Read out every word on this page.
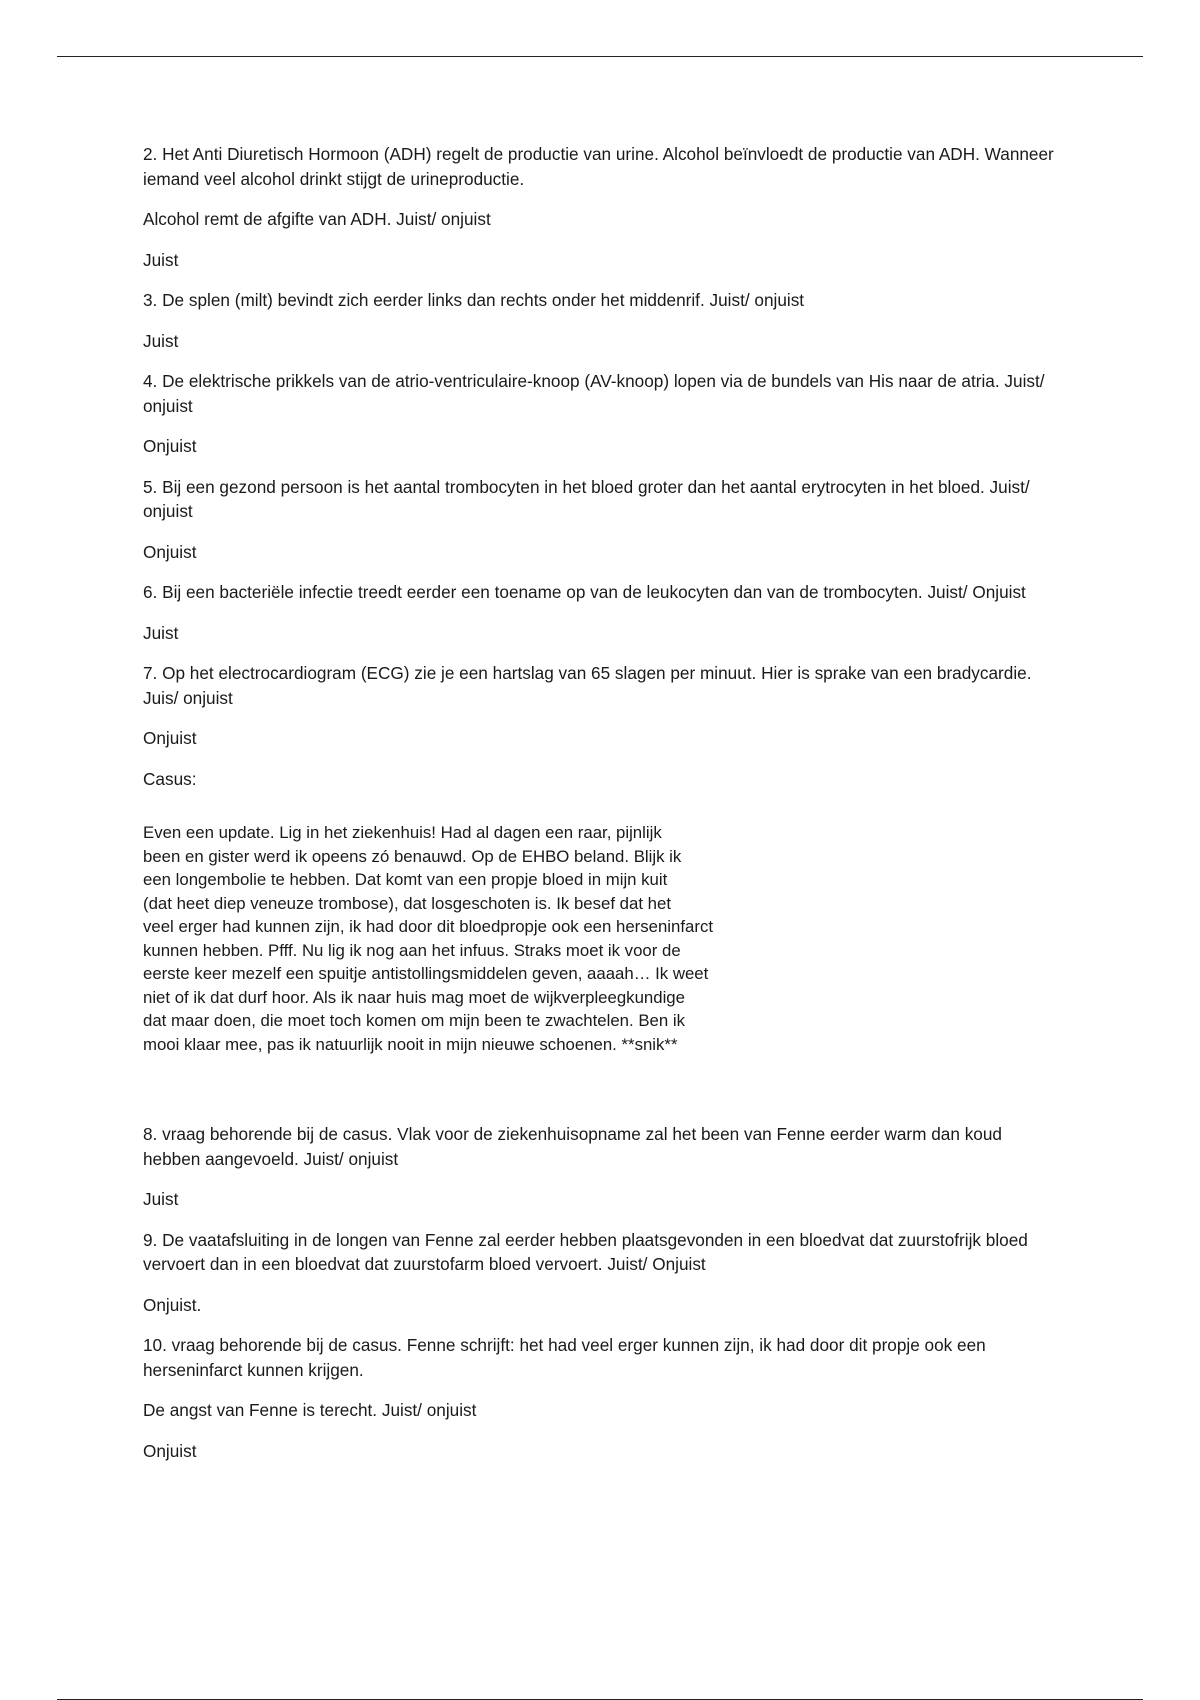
2. Het Anti Diuretisch Hormoon (ADH) regelt de productie van urine. Alcohol beïnvloedt de productie van ADH. Wanneer iemand veel alcohol drinkt stijgt de urineproductie.

Alcohol remt de afgifte van ADH. Juist/ onjuist

Juist

3. De splen (milt) bevindt zich eerder links dan rechts onder het middenrif. Juist/ onjuist

Juist

4. De elektrische prikkels van de atrio-ventriculaire-knoop (AV-knoop) lopen via de bundels van His naar de atria. Juist/ onjuist

Onjuist

5. Bij een gezond persoon is het aantal trombocyten in het bloed groter dan het aantal erytrocyten in het bloed. Juist/ onjuist

Onjuist

6. Bij een bacteriële infectie treedt eerder een toename op van de leukocyten dan van de trombocyten. Juist/ Onjuist

Juist

7. Op het electrocardiogram (ECG) zie je een hartslag van 65 slagen per minuut. Hier is sprake van een bradycardie. Juis/ onjuist

Onjuist

Casus:

Even een update. Lig in het ziekenhuis! Had al dagen een raar, pijnlijk
been en gister werd ik opeens zó benauwd. Op de EHBO beland. Blijk ik
een longembolie te hebben. Dat komt van een propje bloed in mijn kuit
(dat heet diep veneuze trombose), dat losgeschoten is. Ik besef dat het
veel erger had kunnen zijn, ik had door dit bloedpropje ook een herseninfarct
kunnen hebben. Pfff. Nu lig ik nog aan het infuus. Straks moet ik voor de
eerste keer mezelf een spuitje antistollingsmiddelen geven, aaaah… Ik weet
niet of ik dat durf hoor. Als ik naar huis mag moet de wijkverpleegkundige
dat maar doen, die moet toch komen om mijn been te zwachtelen. Ben ik
mooi klaar mee, pas ik natuurlijk nooit in mijn nieuwe schoenen. **snik**

8. vraag behorende bij de casus. Vlak voor de ziekenhuisopname zal het been van Fenne eerder warm dan koud hebben aangevoeld. Juist/ onjuist

Juist

9. De vaatafsluiting in de longen van Fenne zal eerder hebben plaatsgevonden in een bloedvat dat zuurstofrijk bloed vervoert dan in een bloedvat dat zuurstofarm bloed vervoert. Juist/ Onjuist

Onjuist.

10. vraag behorende bij de casus. Fenne schrijft: het had veel erger kunnen zijn, ik had door dit propje ook een herseninfarct kunnen krijgen.

De angst van Fenne is terecht. Juist/ onjuist

Onjuist
